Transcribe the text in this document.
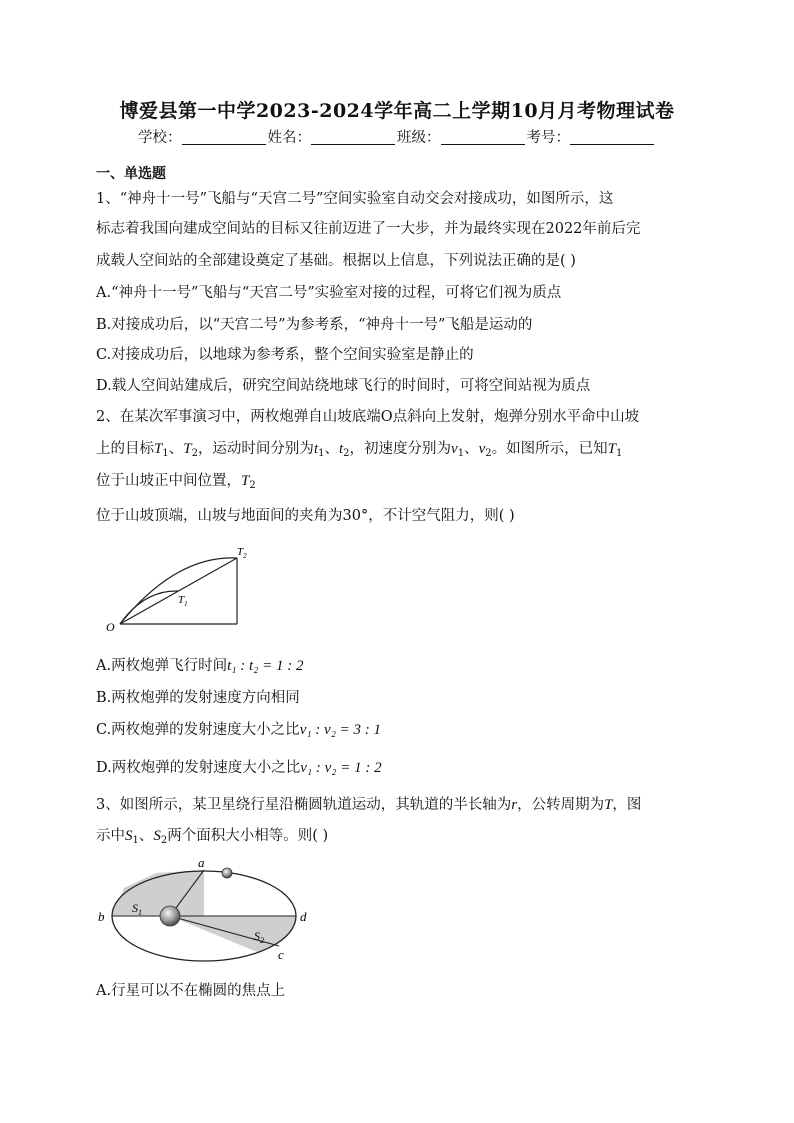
博爱县第一中学2023-2024学年高二上学期10月月考物理试卷
学校：	姓名：	班级：	考号：
一、单选题
1、“神舟十一号”飞船与“天宫二号”空间实验室自动交会对接成功，如图所示，这
标志着我国向建成空间站的目标又往前迈进了一大步，并为最终实现在2022年前后完
成载人空间站的全部建设奠定了基础。根据以上信息，下列说法正确的是( )
A.“神舟十一号”飞船与“天宫二号”实验室对接的过程，可将它们视为质点
B.对接成功后，以“天宫二号”为参考系，“神舟十一号”飞船是运动的
C.对接成功后，以地球为参考系，整个空间实验室是静止的
D.载人空间站建成后，研究空间站绕地球飞行的时间时，可将空间站视为质点
2、在某次军事演习中，两枚炮弹自山坡底端O点斜向上发射，炮弹分别水平命中山坡
上的目标$T_1$、$T_2$，运动时间分别为$t_1$、$t_2$，初速度分别为$v_1$、$v_2$。如图所示，已知$T_1$
位于山坡正中间位置，$T_2$
位于山坡顶端，山坡与地面间的夹角为30°，不计空气阻力，则( )
O
$T_1$
$T_2$
A.两枚炮弹飞行时间t₁ : t₂ = 1 : 2
B.两枚炮弹的发射速度方向相同
C.两枚炮弹的发射速度大小之比v₁ : v₂ = 3 : 1
D.两枚炮弹的发射速度大小之比v₁ : v₂ = 1 : 2
3、如图所示，某卫星绕行星沿椭圆轨道运动，其轨道的半长轴为r，公转周期为T，图
示中$S_1$、$S_2$两个面积大小相等。则( )
a
b
c
d
$S_1$
$S_2$
A.行星可以不在椭圆的焦点上
